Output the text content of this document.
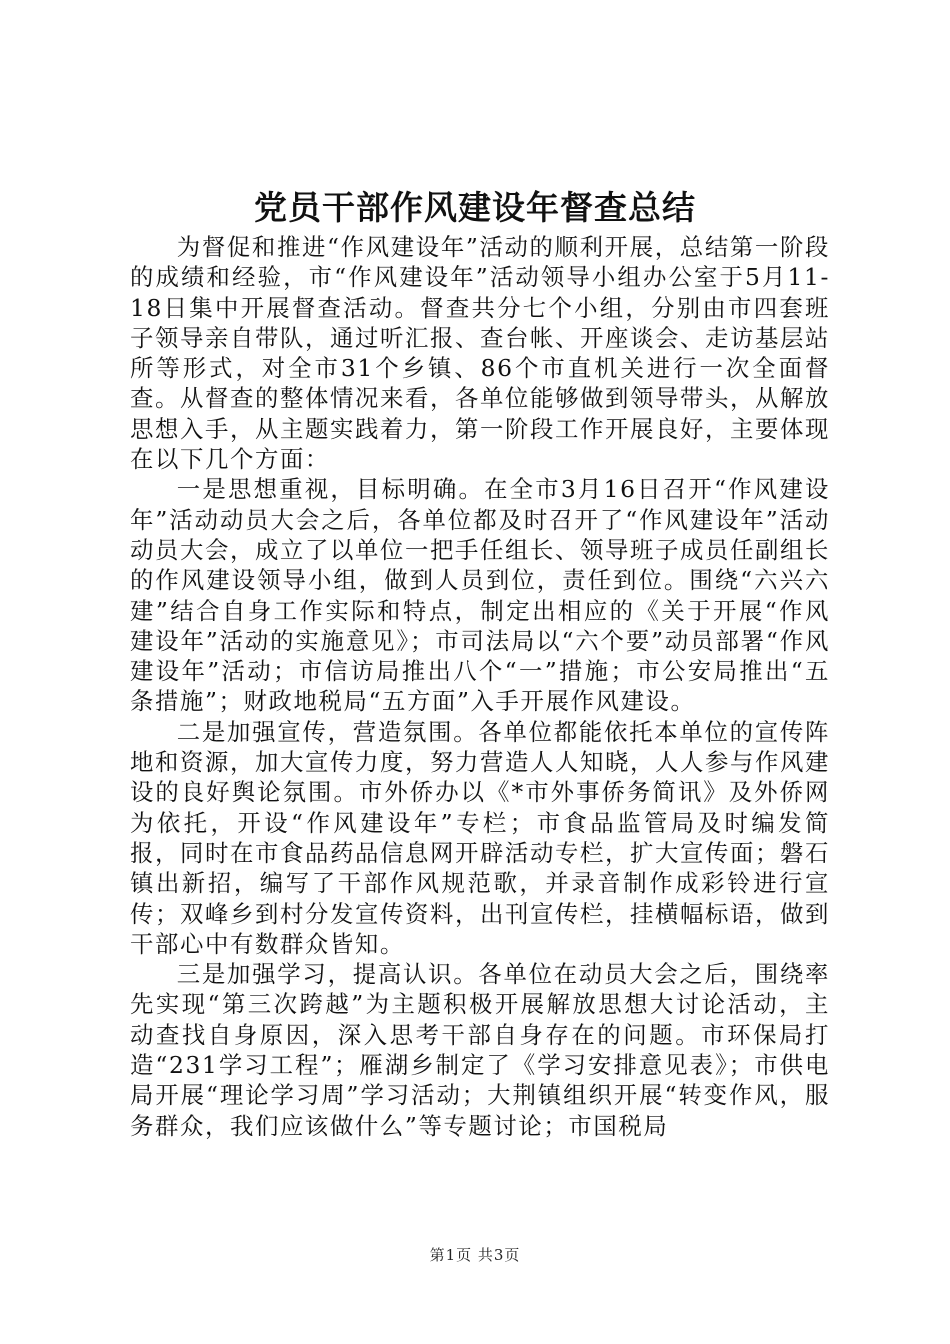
党员干部作风建设年督查总结

为督促和推进“作风建设年”活动的顺利开展，总结第一阶段的成绩和经验，市“作风建设年”活动领导小组办公室于5月11-18日集中开展督查活动。督查共分七个小组，分别由市四套班子领导亲自带队，通过听汇报、查台帐、开座谈会、走访基层站所等形式，对全市31个乡镇、86个市直机关进行一次全面督查。从督查的整体情况来看，各单位能够做到领导带头，从解放思想入手，从主题实践着力，第一阶段工作开展良好，主要体现在以下几个方面：

一是思想重视，目标明确。在全市3月16日召开“作风建设年”活动动员大会之后，各单位都及时召开了“作风建设年”活动动员大会，成立了以单位一把手任组长、领导班子成员任副组长的作风建设领导小组，做到人员到位，责任到位。围绕“六兴六建”结合自身工作实际和特点，制定出相应的《关于开展“作风建设年”活动的实施意见》；市司法局以“六个要”动员部署“作风建设年”活动；市信访局推出八个“一”措施；市公安局推出“五条措施”；财政地税局“五方面”入手开展作风建设。

二是加强宣传，营造氛围。各单位都能依托本单位的宣传阵地和资源，加大宣传力度，努力营造人人知晓，人人参与作风建设的良好舆论氛围。市外侨办以《*市外事侨务简讯》及外侨网为依托，开设“作风建设年”专栏；市食品监管局及时编发简报，同时在市食品药品信息网开辟活动专栏，扩大宣传面；磐石镇出新招，编写了干部作风规范歌，并录音制作成彩铃进行宣传；双峰乡到村分发宣传资料，出刊宣传栏，挂横幅标语，做到干部心中有数群众皆知。

三是加强学习，提高认识。各单位在动员大会之后，围绕率先实现“第三次跨越”为主题积极开展解放思想大讨论活动，主动查找自身原因，深入思考干部自身存在的问题。市环保局打造“231学习工程”；雁湖乡制定了《学习安排意见表》；市供电局开展“理论学习周”学习活动；大荆镇组织开展“转变作风，服务群众，我们应该做什么”等专题讨论；市国税局

第1页 共3页
